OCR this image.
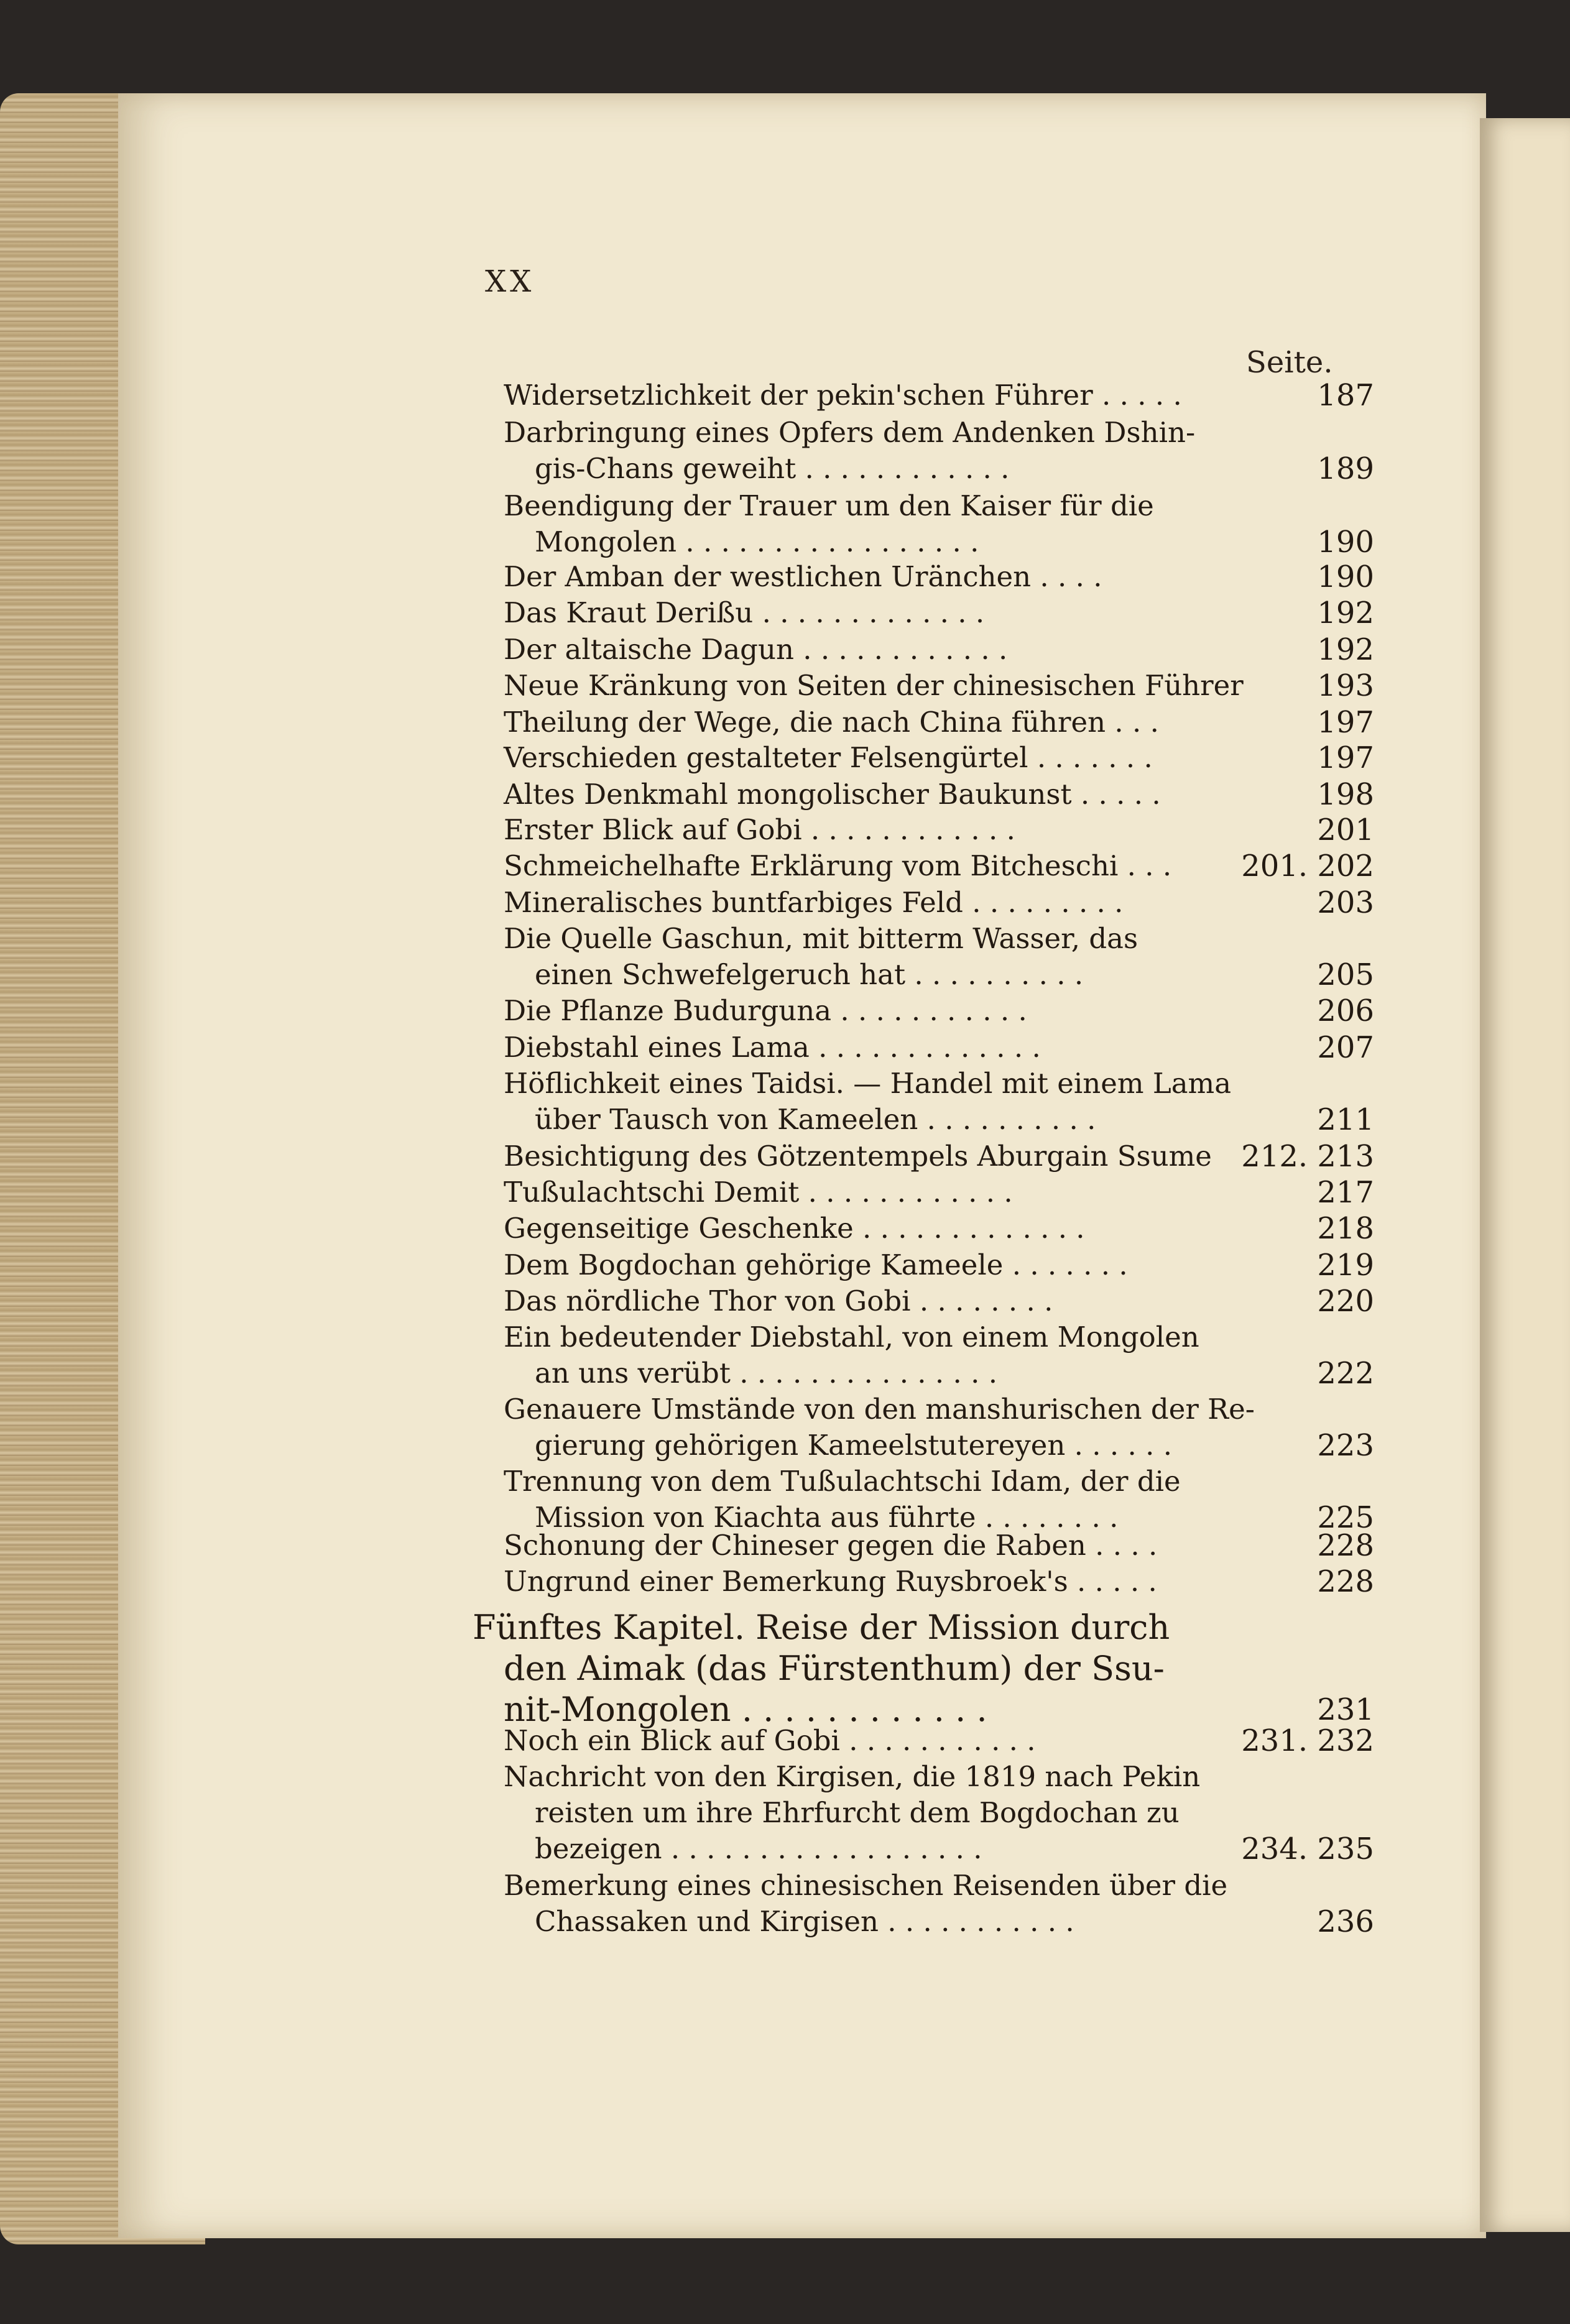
XX
Seite.
Widersetzlichkeit der pekin'schen Führer . . . . .	187
Darbringung eines Opfers dem Andenken Dshin-
gis-Chans geweiht . . . . . . . . . . . .	189
Beendigung der Trauer um den Kaiser für die
Mongolen . . . . . . . . . . . . . . . . .	190
Der Amban der westlichen Uränchen . . . .	190
Das Kraut Derißu . . . . . . . . . . . . .	192
Der altaische Dagun . . . . . . . . . . . .	192
Neue Kränkung von Seiten der chinesischen Führer	193
Theilung der Wege, die nach China führen . . .	197
Verschieden gestalteter Felsengürtel . . . . . . .	197
Altes Denkmahl mongolischer Baukunst . . . . .	198
Erster Blick auf Gobi . . . . . . . . . . . .	201
Schmeichelhafte Erklärung vom Bitcheschi . . .	201. 202
Mineralisches buntfarbiges Feld . . . . . . . . .	203
Die Quelle Gaschun, mit bitterm Wasser, das
einen Schwefelgeruch hat . . . . . . . . . .	205
Die Pflanze Budurguna . . . . . . . . . . .	206
Diebstahl eines Lama . . . . . . . . . . . . .	207
Höflichkeit eines Taidsi. — Handel mit einem Lama
über Tausch von Kameelen . . . . . . . . . .	211
Besichtigung des Götzentempels Aburgain Ssume 212. 213
Tußulachtschi Demit . . . . . . . . . . . .	217
Gegenseitige Geschenke . . . . . . . . . . . . .	218
Dem Bogdochan gehörige Kameele . . . . . . .	219
Das nördliche Thor von Gobi . . . . . . . .	220
Ein bedeutender Diebstahl, von einem Mongolen
an uns verübt . . . . . . . . . . . . . . .	222
Genauere Umstände von den manshurischen der Re-
gierung gehörigen Kameelstutereyen . . . . . .	223
Trennung von dem Tußulachtschi Idam, der die
Mission von Kiachta aus führte . . . . . . . .	225
Schonung der Chineser gegen die Raben . . . .	228
Ungrund einer Bemerkung Ruysbroek's . . . . .	228
Fünftes Kapitel. Reise der Mission durch
den Aimak (das Fürstenthum) der Ssu-
nit-Mongolen . . . . . . . . . . . .	231
Noch ein Blick auf Gobi . . . . . . . . . . .	231. 232
Nachricht von den Kirgisen, die 1819 nach Pekin
reisten um ihre Ehrfurcht dem Bogdochan zu
bezeigen . . . . . . . . . . . . . . . . . .	234. 235
Bemerkung eines chinesischen Reisenden über die
Chassaken und Kirgisen . . . . . . . . . . .	236
